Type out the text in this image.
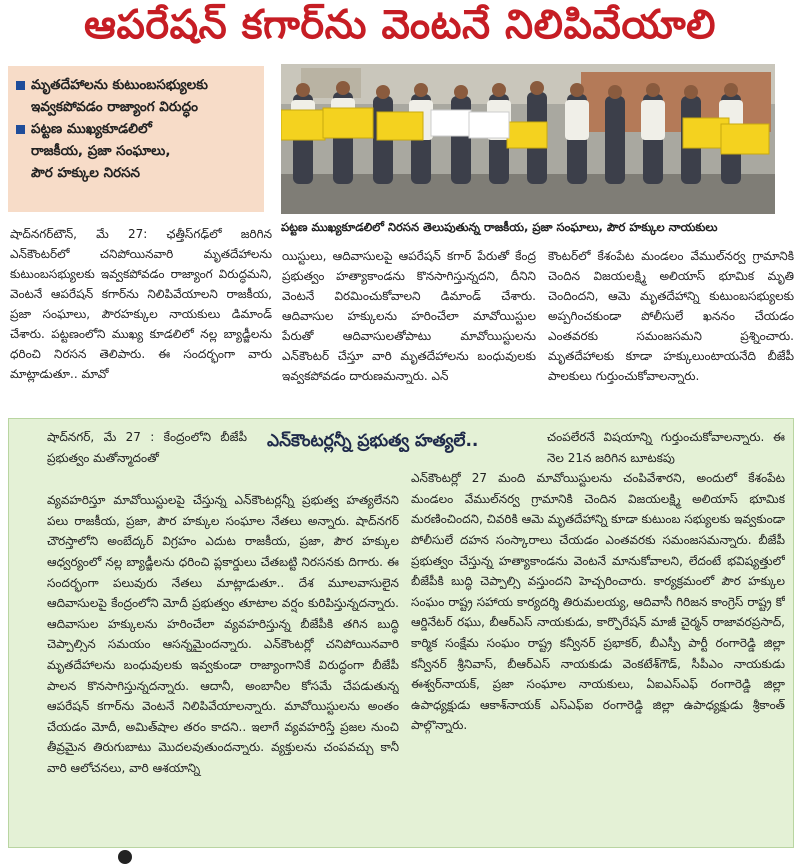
ఆపరేషన్ కగార్‌ను వెంటనే నిలిపివేయాలి
మృతదేహాలను కుటుంబసభ్యులకు
ఇవ్వకపోవడం రాజ్యాంగ విరుద్ధం
పట్టణ ముఖ్యకూడలిలో
రాజకీయ, ప్రజా సంఘాలు,
పౌర హక్కుల నిరసన
పట్టణ ముఖ్యకూడలిలో నిరసన తెలుపుతున్న రాజకీయ, ప్రజా సంఘాలు, పౌర హక్కుల నాయకులు

షాద్‌నగర్‌టౌన్, మే 27: ఛత్తీస్‌గఢ్‌లో జరిగిన ఎన్‌కౌంటర్‌లో చనిపోయినవారి మృతదేహాలను కుటుంబసభ్యులకు ఇవ్వకపోవడం రాజ్యాంగ విరుద్ధమని, వెంటనే ఆపరేషన్ కగార్‌ను నిలిపివేయాలని రాజకీయ, ప్రజా సంఘాలు, పౌరహక్కుల నాయకులు డిమాండ్ చేశారు. పట్టణంలోని ముఖ్య కూడలిలో నల్ల బ్యాడ్జీలను ధరించి నిరసన తెలిపారు. ఈ సందర్భంగా వారు మాట్లాడుతూ.. మావో

యిస్టులు, ఆదివాసులపై ఆపరేషన్ కగార్ పేరుతో కేంద్ర ప్రభుత్వం హత్యాకాండను కొనసాగిస్తున్నదని, దీనిని వెంటనే విరమించుకోవాలని డిమాండ్ చేశారు. ఆదివాసుల హక్కులను హరించేలా మావోయిస్టుల పేరుతో ఆదివాసులతోపాటు మావోయిస్టులను ఎన్‌కౌంటర్ చేస్తూ వారి మృతదేహాలను బంధువులకు ఇవ్వకపోవడం దారుణమన్నారు. ఎన్

కౌంటర్‌లో కేశంపేట మండలం వేముల్‌నర్వ గ్రామానికి చెందిన విజయలక్ష్మి అలియాస్ భూమిక మృతి చెందిందని, ఆమె మృతదేహాన్ని కుటుంబసభ్యులకు అప్పగించకుండా పోలీసులే ఖననం చేయడం ఎంతవరకు సమంజసమని ప్రశ్నించారు. మృతదేహాలకు కూడా హక్కులుంటాయనేది బీజేపీ పాలకులు గుర్తుంచుకోవాలన్నారు.

షాద్‌నగర్, మే 27 : కేంద్రంలోని బీజేపీ ప్రభుత్వం మతోన్మాదంతో
వ్యవహరిస్తూ మావోయిస్టులపై చేస్తున్న ఎన్‌కౌంటర్లన్నీ ప్రభుత్వ హత్యలేనని పలు రాజకీయ, ప్రజా, పౌర హక్కుల సంఘాల నేతలు అన్నారు. షాద్‌నగర్ చౌరస్తాలోని అంబేద్కర్ విగ్రహం ఎదుట రాజకీయ, ప్రజా, పౌర హక్కుల ఆధ్వర్యంలో నల్ల బ్యాడ్జీలను ధరించి ప్లకార్డులు చేతబట్టి నిరసనకు దిగారు. ఈ సందర్భంగా పలువురు నేతలు మాట్లాడుతూ.. దేశ మూలవాసులైన ఆదివాసులపై కేంద్రంలోని మోదీ ప్రభుత్వం తూటాల వర్షం కురిపిస్తున్నదన్నారు. ఆదివాసుల హక్కులను హరించేలా వ్యవహరిస్తున్న బీజేపీకి తగిన బుద్ధి చెప్పాల్సిన సమయం ఆసన్నమైందన్నారు. ఎన్‌కౌంటర్లో చనిపోయినవారి మృతదేహాలను బంధువులకు ఇవ్వకుండా రాజ్యాంగానికే విరుద్ధంగా బీజేపీ పాలన కొనసాగిస్తున్నదన్నారు. ఆదానీ, అంబానీల కోసమే చేపడుతున్న ఆపరేషన్ కగార్‌ను వెంటనే నిలిపివేయాలన్నారు. మావోయిస్టులను అంతం చేయడం మోదీ, అమిత్‌షాల తరం కాదని.. ఇలాగే వ్యవహరిస్తే ప్రజల నుంచి తీవ్రమైన తిరుగుబాటు మొదలవుతుందన్నారు. వ్యక్తులను చంపవచ్చు కానీ వారి ఆలోచనలు, వారి ఆశయాన్ని
ఎన్‌కౌంటర్లన్నీ ప్రభుత్వ హత్యలే..	చంపలేరనే విషయాన్ని గుర్తుంచుకోవాలన్నారు. ఈ నెల 21న జరిగిన బూటకపు
ఎన్‌కౌంటర్లో 27 మంది మావోయిస్టులను చంపివేశారని, అందులో కేశంపేట మండలం వేముల్‌నర్వ గ్రామానికి చెందిన విజయలక్ష్మి అలియాస్ భూమిక మరణించిందని, చివరికి ఆమె మృతదేహాన్ని కూడా కుటుంబ సభ్యులకు ఇవ్వకుండా పోలీసులే దహన సంస్కారాలు చేయడం ఎంతవరకు సమంజసమన్నారు. బీజేపీ ప్రభుత్వం చేస్తున్న హత్యాకాండను వెంటనే మానుకోవాలని, లేదంటే భవిష్యత్తులో బీజేపీకి బుద్ధి చెప్పాల్సి వస్తుందని హెచ్చరించారు. కార్యక్రమంలో పౌర హక్కుల సంఘం రాష్ట్ర సహాయ కార్యదర్శి తిరుమలయ్య, ఆదివాసీ గిరిజన కాంగ్రెస్ రాష్ట్ర కో ఆర్డినేటర్ రఘు, బీఆర్ఎస్ నాయకుడు, కార్పొరేషన్ మాజీ చైర్మన్ రాజావరప్రసాద్, కార్మిక సంక్షేమ సంఘం రాష్ట్ర కన్వీనర్ ప్రభాకర్, బీఎస్పీ పార్టీ రంగారెడ్డి జిల్లా కన్వీనర్ శ్రీనివాస్, బీఆర్ఎస్ నాయకుడు వెంకటేశ్‌గౌడ్, సీపీఎం నాయకుడు ఈశ్వర్‌నాయక్, ప్రజా సంఘాల నాయకులు, ఏఐఎస్ఎఫ్ రంగారెడ్డి జిల్లా ఉపాధ్యక్షుడు ఆకాశ్‌నాయక్ ఎస్ఎఫ్ఐ రంగారెడ్డి జిల్లా ఉపాధ్యక్షుడు శ్రీకాంత్ పాల్గొన్నారు.
